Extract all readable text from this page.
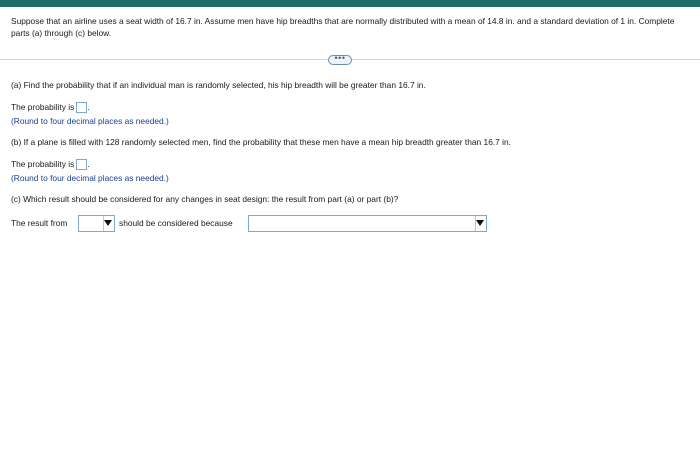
Suppose that an airline uses a seat width of 16.7 in. Assume men have hip breadths that are normally distributed with a mean of 14.8 in. and a standard deviation of 1 in. Complete parts (a) through (c) below.
•••
(a) Find the probability that if an individual man is randomly selected, his hip breadth will be greater than 16.7 in.
The probability is .
(Round to four decimal places as needed.)
(b) If a plane is filled with 128 randomly selected men, find the probability that these men have a mean hip breadth greater than 16.7 in.
The probability is .
(Round to four decimal places as needed.)
(c) Which result should be considered for any changes in seat design: the result from part (a) or part (b)?
The result from	should be considered because
